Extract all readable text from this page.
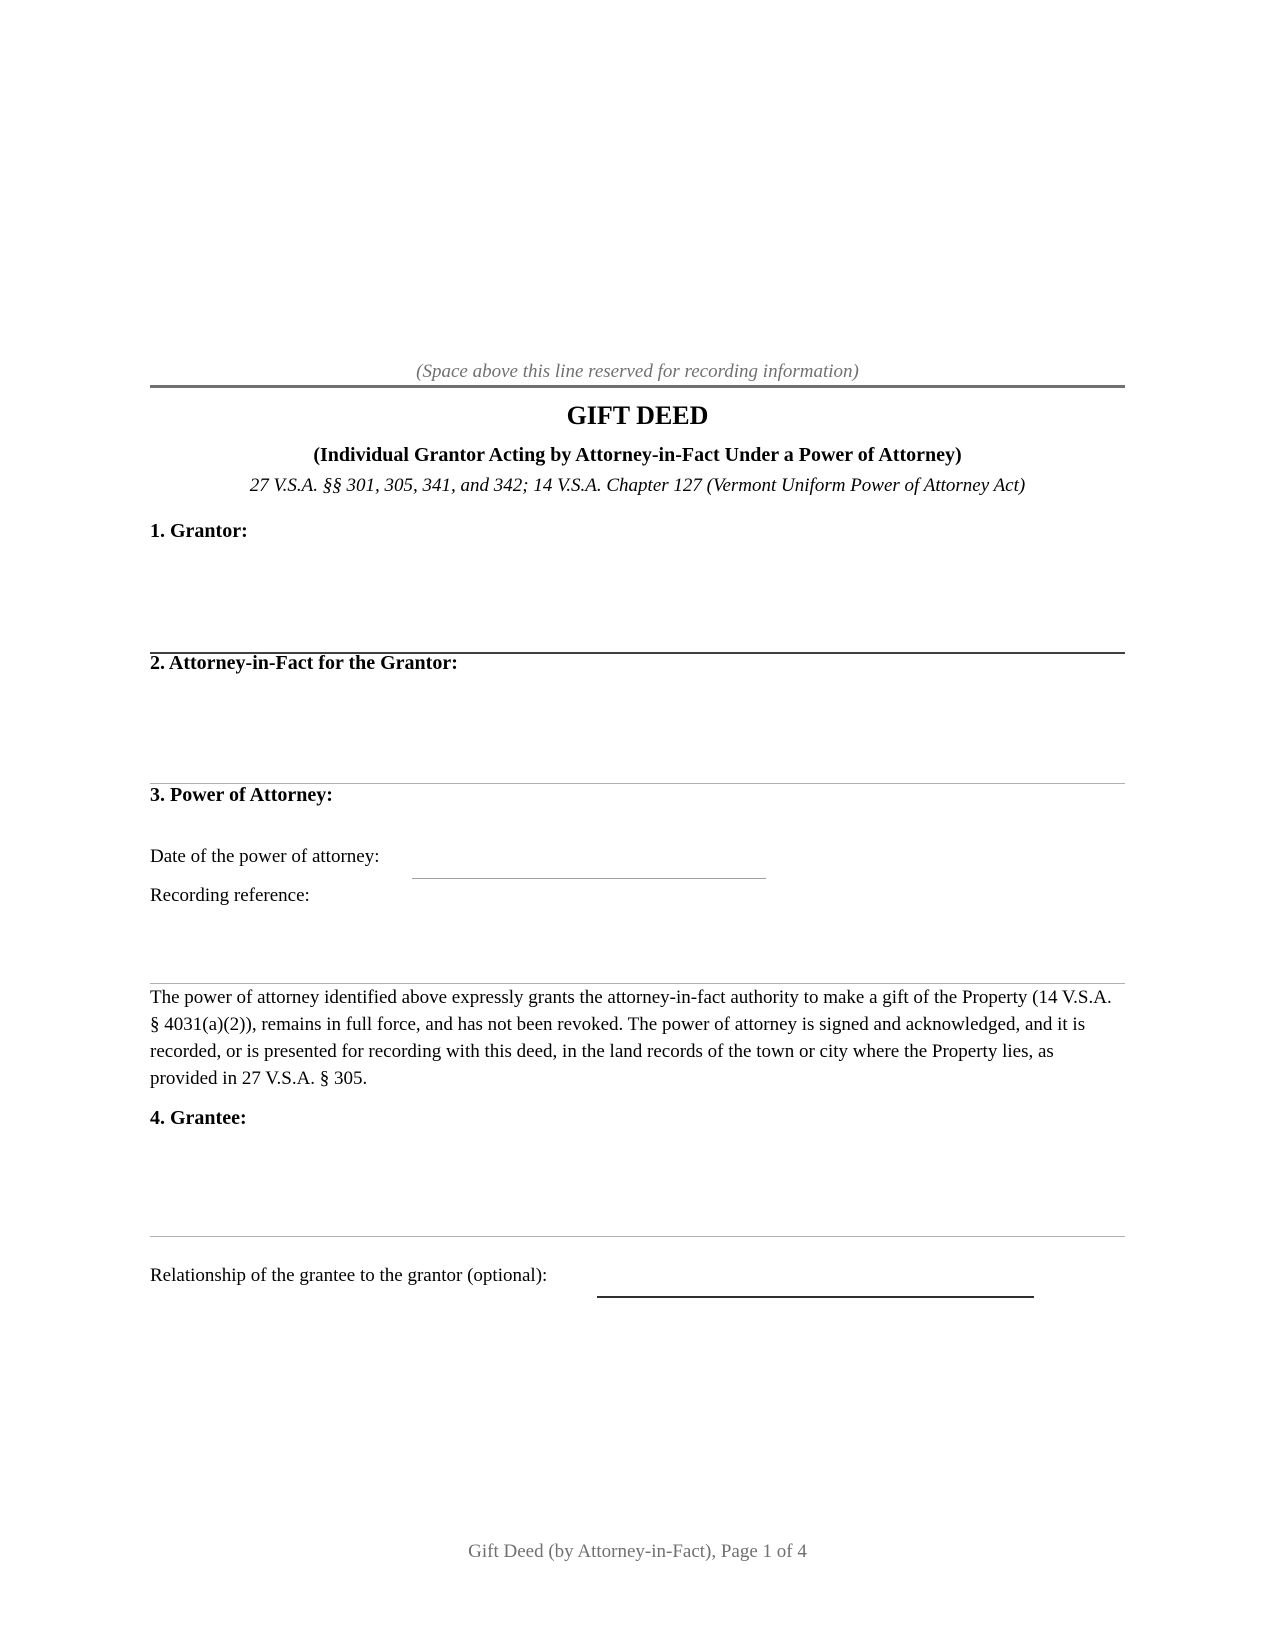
(Space above this line reserved for recording information)
GIFT DEED
(Individual Grantor Acting by Attorney-in-Fact Under a Power of Attorney)
27 V.S.A. §§ 301, 305, 341, and 342; 14 V.S.A. Chapter 127 (Vermont Uniform Power of Attorney Act)
1. Grantor:
2. Attorney-in-Fact for the Grantor:
3. Power of Attorney:
Date of the power of attorney:
Recording reference:
The power of attorney identified above expressly grants the attorney-in-fact authority to make a gift of the Property (14 V.S.A. § 4031(a)(2)), remains in full force, and has not been revoked. The power of attorney is signed and acknowledged, and it is recorded, or is presented for recording with this deed, in the land records of the town or city where the Property lies, as provided in 27 V.S.A. § 305.
4. Grantee:
Relationship of the grantee to the grantor (optional):
Gift Deed (by Attorney-in-Fact), Page 1 of 4
